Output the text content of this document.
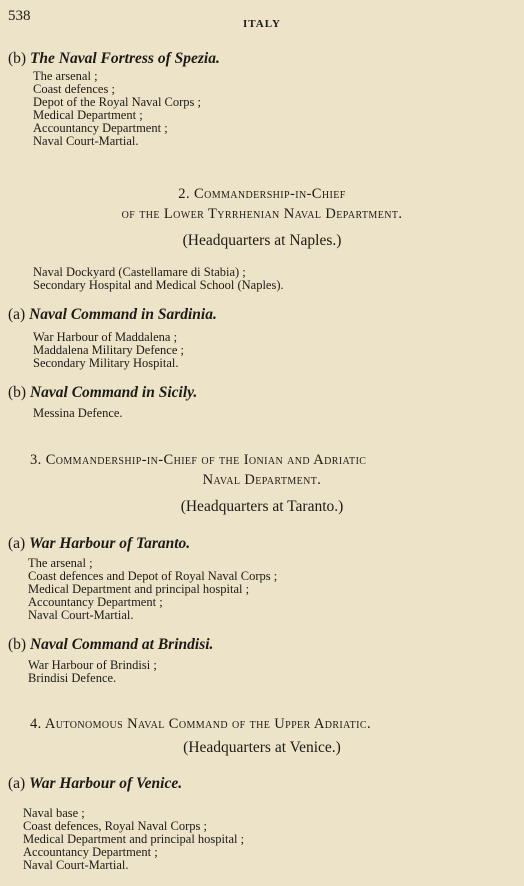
538	ITALY
(b) The Naval Fortress of Spezia.
The arsenal ;
Coast defences ;
Depot of the Royal Naval Corps ;
Medical Department ;
Accountancy Department ;
Naval Court-Martial.
2. Commandership-in-Chief
of the Lower Tyrrhenian Naval Department.
(Headquarters at Naples.)
Naval Dockyard (Castellamare di Stabia) ;
Secondary Hospital and Medical School (Naples).
(a) Naval Command in Sardinia.
War Harbour of Maddalena ;
Maddalena Military Defence ;
Secondary Military Hospital.
(b) Naval Command in Sicily.
Messina Defence.
3. Commandership-in-Chief of the Ionian and Adriatic
Naval Department.
(Headquarters at Taranto.)
(a) War Harbour of Taranto.
The arsenal ;
Coast defences and Depot of Royal Naval Corps ;
Medical Department and principal hospital ;
Accountancy Department ;
Naval Court-Martial.
(b) Naval Command at Brindisi.
War Harbour of Brindisi ;
Brindisi Defence.
4. Autonomous Naval Command of the Upper Adriatic.
(Headquarters at Venice.)
(a) War Harbour of Venice.
Naval base ;
Coast defences, Royal Naval Corps ;
Medical Department and principal hospital ;
Accountancy Department ;
Naval Court-Martial.
